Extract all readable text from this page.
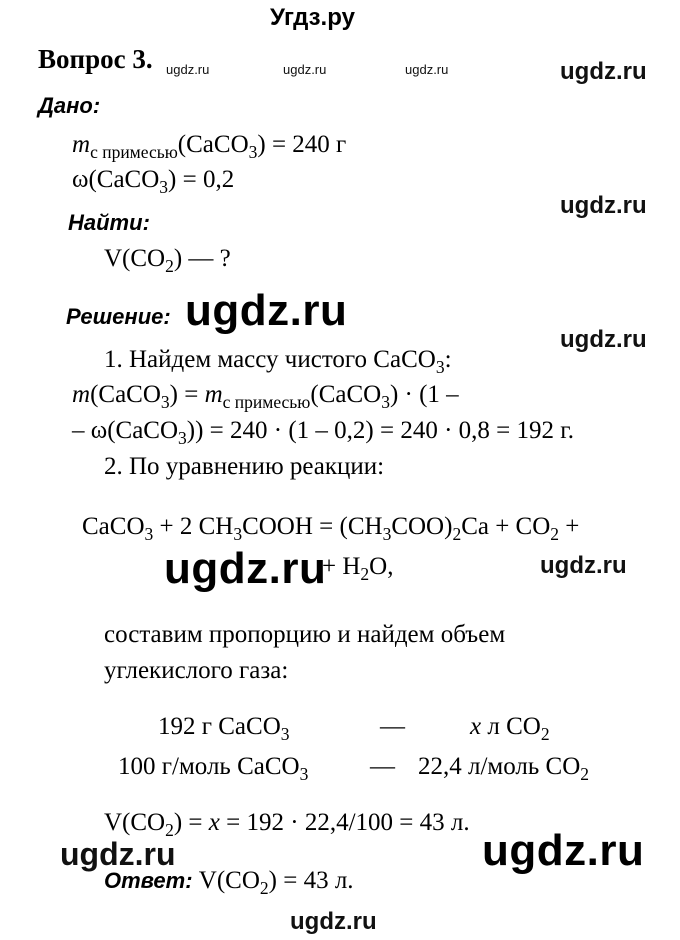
Угдз.ру
Вопрос 3. ugdz.ru	ugdz.ru	ugdz.ru	ugdz.ru
Дано:
$m_{с примесью}(CaCO_3) = 240$ г
ω(CaCO$_3$) = 0,2
ugdz.ru
Найти:
$V(CO_2)$ — ?
Решение: ugdz.ru
ugdz.ru
1. Найдем массу чистого CaCO$_3$:
m(CaCO$_3$) = $m_{с примесью}(CaCO_3) \cdot (1$ –
– ω(CaCO$_3$)) = 240 · (1 – 0,2) = 240 · 0,8 = 192 г.
2. По уравнению реакции:
CaCO$_3$ + 2 $CH_3COOH = (CH_3COO)_2Ca + CO_2$ +
ugdz.ru
+ $H_2O$,	ugdz.ru
составим пропорцию и найдем объем
углекислого газа:
192 г CaCO$_3$	—	x л $CO_2$
100 г/моль CaCO$_3$ — 22,4 л/моль $CO_2$
$V(CO_2) = x = 192 \cdot 22,4/100 = 43$ л.
ugdz.ru	ugdz.ru
Ответ: $V(CO_2) = 43$ л.
ugdz.ru
